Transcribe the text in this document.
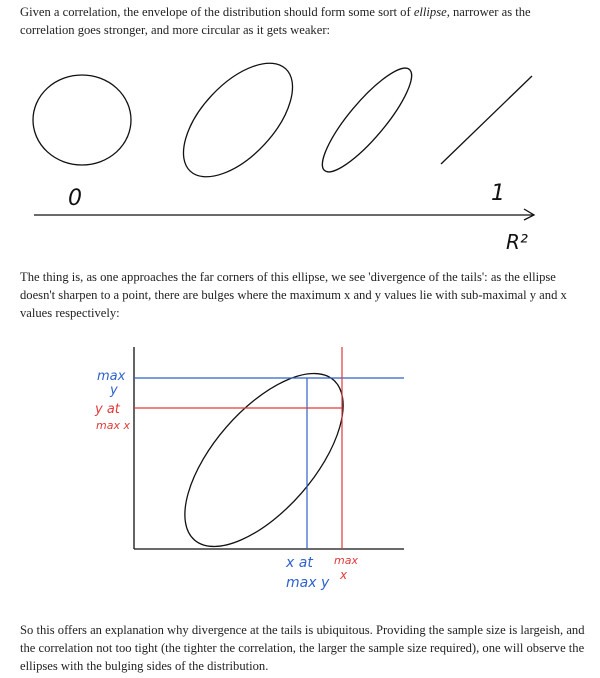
Given a correlation, the envelope of the distribution should form some sort of ellipse, narrower as the correlation goes stronger, and more circular as it gets weaker:

0	1
R²

The thing is, as one approaches the far corners of this ellipse, we see 'divergence of the tails': as the ellipse doesn't sharpen to a point, there are bulges where the maximum x and y values lie with sub-maximal y and x values respectively:

max
y
x at
max y
y at
max x
max
x

So this offers an explanation why divergence at the tails is ubiquitous. Providing the sample size is largeish, and the correlation not too tight (the tighter the correlation, the larger the sample size required), one will observe the ellipses with the bulging sides of the distribution.
